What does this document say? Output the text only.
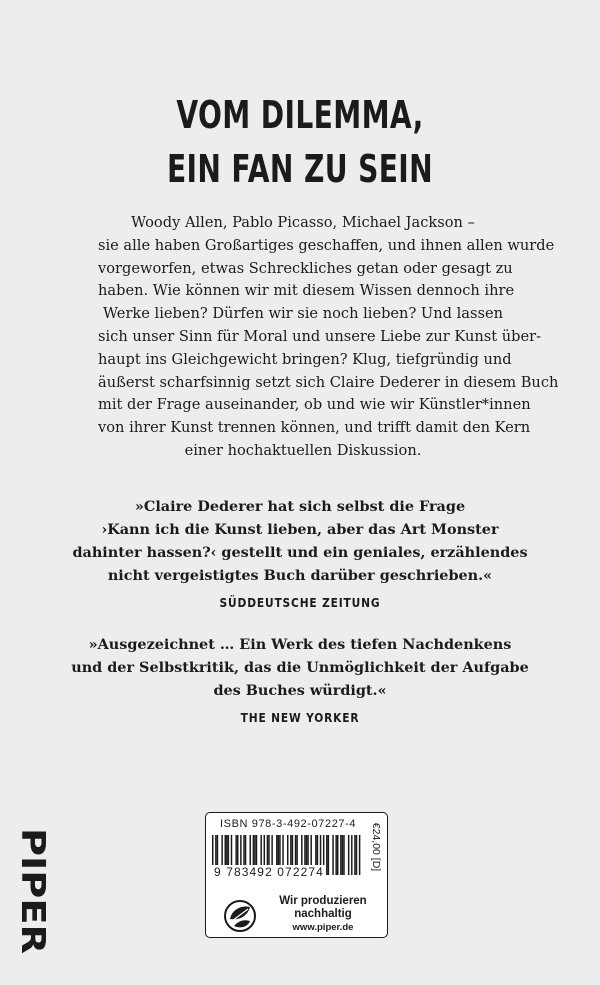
VOM DILEMMA,
EIN FAN ZU SEIN
Woody Allen, Pablo Picasso, Michael Jackson –
sie alle haben Großartiges geschaffen, und ihnen allen wurde
vorgeworfen, etwas Schreckliches getan oder gesagt zu
haben. Wie können wir mit diesem Wissen dennoch ihre
Werke lieben? Dürfen wir sie noch lieben? Und lassen
sich unser Sinn für Moral und unsere Liebe zur Kunst über-
haupt ins Gleichgewicht bringen? Klug, tiefgründig und
äußerst scharfsinnig setzt sich Claire Dederer in diesem Buch
mit der Frage auseinander, ob und wie wir Künstler*innen
von ihrer Kunst trennen können, und trifft damit den Kern
einer hochaktuellen Diskussion.
»Claire Dederer hat sich selbst die Frage
›Kann ich die Kunst lieben, aber das Art Monster
dahinter hassen?‹ gestellt und ein geniales, erzählendes
nicht vergeistigtes Buch darüber geschrieben.«
SÜDDEUTSCHE ZEITUNG
»Ausgezeichnet … Ein Werk des tiefen Nachdenkens
und der Selbstkritik, das die Unmöglichkeit der Aufgabe
des Buches würdigt.«
THE NEW YORKER
PIPER
ISBN 978-3-492-07227-4
9 783492 072274
€24,00 [D]
Wir produzieren
nachhaltig
www.piper.de
